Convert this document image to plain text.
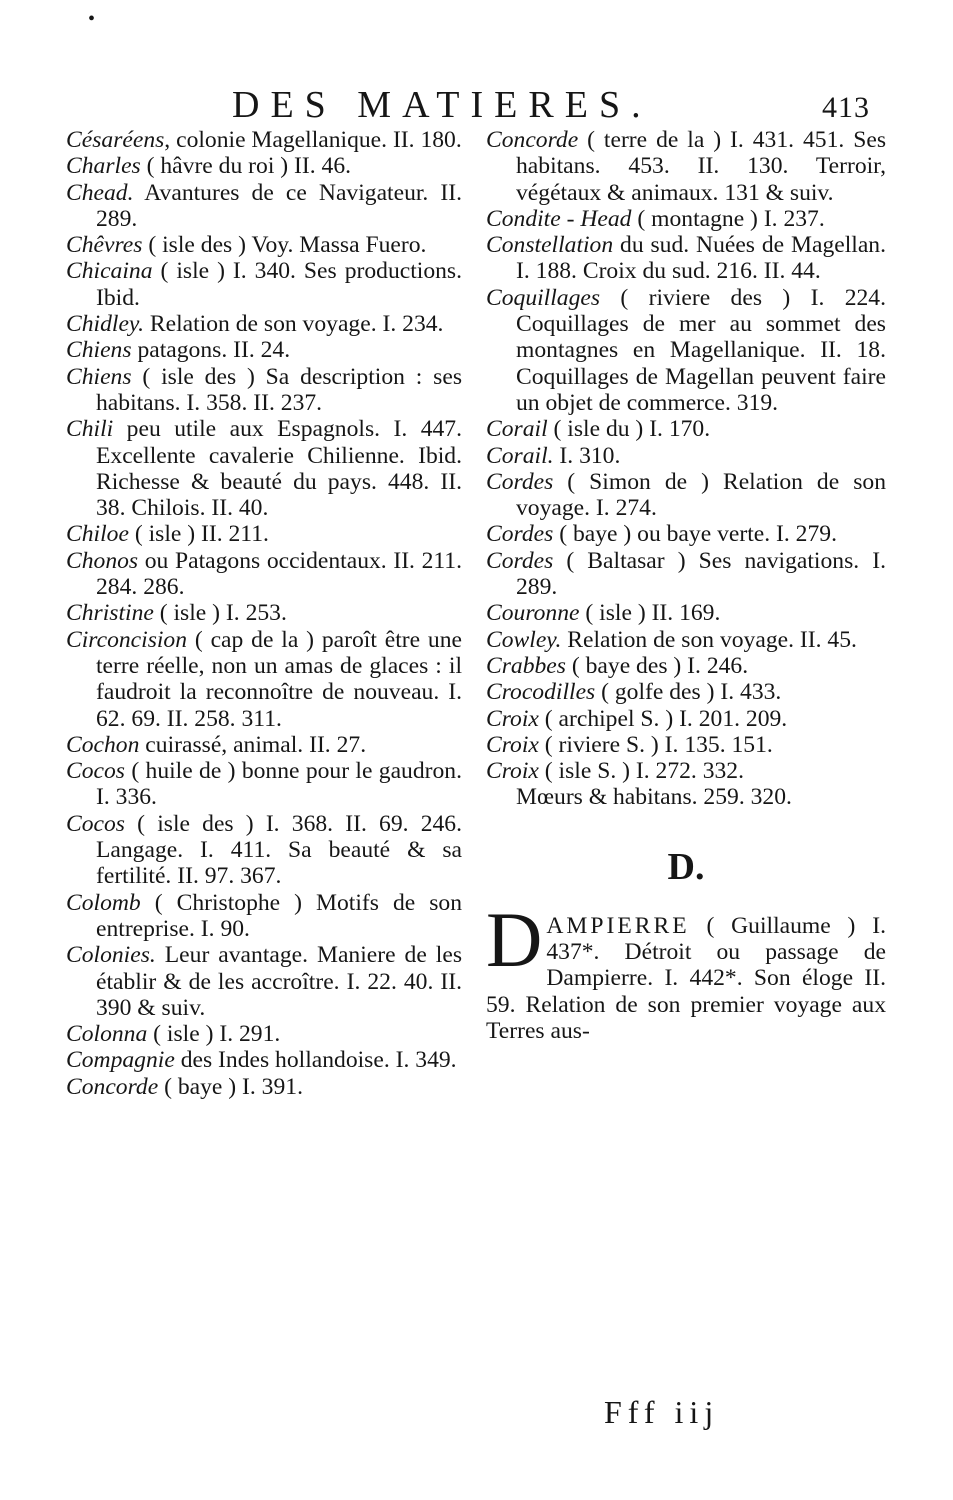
•
DES MATIERES.	413

Césaréens, colonie Magellanique. II. 180.

Charles ( hâvre du roi ) II. 46.

Chead. Avantures de ce Navigateur. II. 289.

Chêvres ( isle des ) Voy. Massa Fuero.

Chicaina ( isle ) I. 340. Ses productions. Ibid.

Chidley. Relation de son voyage. I. 234.

Chiens patagons. II. 24.

Chiens ( isle des ) Sa description : ses habitans. I. 358. II. 237.

Chili peu utile aux Espagnols. I. 447. Excellente cavalerie Chilienne. Ibid. Richesse & beauté du pays. 448. II. 38. Chilois. II. 40.

Chiloe ( isle ) II. 211.

Chonos ou Patagons occidentaux. II. 211. 284. 286.

Christine ( isle ) I. 253.

Circoncision ( cap de la ) paroît être une terre réelle, non un amas de glaces : il faudroit la reconnoître de nouveau. I. 62. 69. II. 258. 311.

Cochon cuirassé, animal. II. 27.

Cocos ( huile de ) bonne pour le gaudron. I. 336.

Cocos ( isle des ) I. 368. II. 69. 246. Langage. I. 411. Sa beauté & sa fertilité. II. 97. 367.

Colomb ( Christophe ) Motifs de son entreprise. I. 90.

Colonies. Leur avantage. Maniere de les établir & de les accroître. I. 22. 40. II. 390 & suiv.

Colonna ( isle ) I. 291.

Compagnie des Indes hollandoise. I. 349.

Concorde ( baye ) I. 391.

Concorde ( terre de la ) I. 431. 451. Ses habitans. 453. II. 130. Terroir, végétaux & animaux. 131 & suiv.

Condite - Head ( montagne ) I. 237.

Constellation du sud. Nuées de Magellan. I. 188. Croix du sud. 216. II. 44.

Coquillages ( riviere des ) I. 224. Coquillages de mer au sommet des montagnes en Magellanique. II. 18. Coquillages de Magellan peuvent faire un objet de commerce. 319.

Corail ( isle du ) I. 170.

Corail. I. 310.

Cordes ( Simon de ) Relation de son voyage. I. 274.

Cordes ( baye ) ou baye verte. I. 279.

Cordes ( Baltasar ) Ses navigations. I. 289.

Couronne ( isle ) II. 169.

Cowley. Relation de son voyage. II. 45.

Crabbes ( baye des ) I. 246.

Crocodilles ( golfe des ) I. 433.

Croix ( archipel S. ) I. 201. 209.

Croix ( riviere S. ) I. 135. 151.

Croix ( isle S. ) I. 272. 332.

Mœurs & habitans. 259. 320.

D.
D AMPIERRE ( Guillaume ) I. 437*. Détroit ou passage de Dampierre. I. 442*. Son éloge II. 59. Relation de son premier voyage aux Terres aus-

Fff iij
